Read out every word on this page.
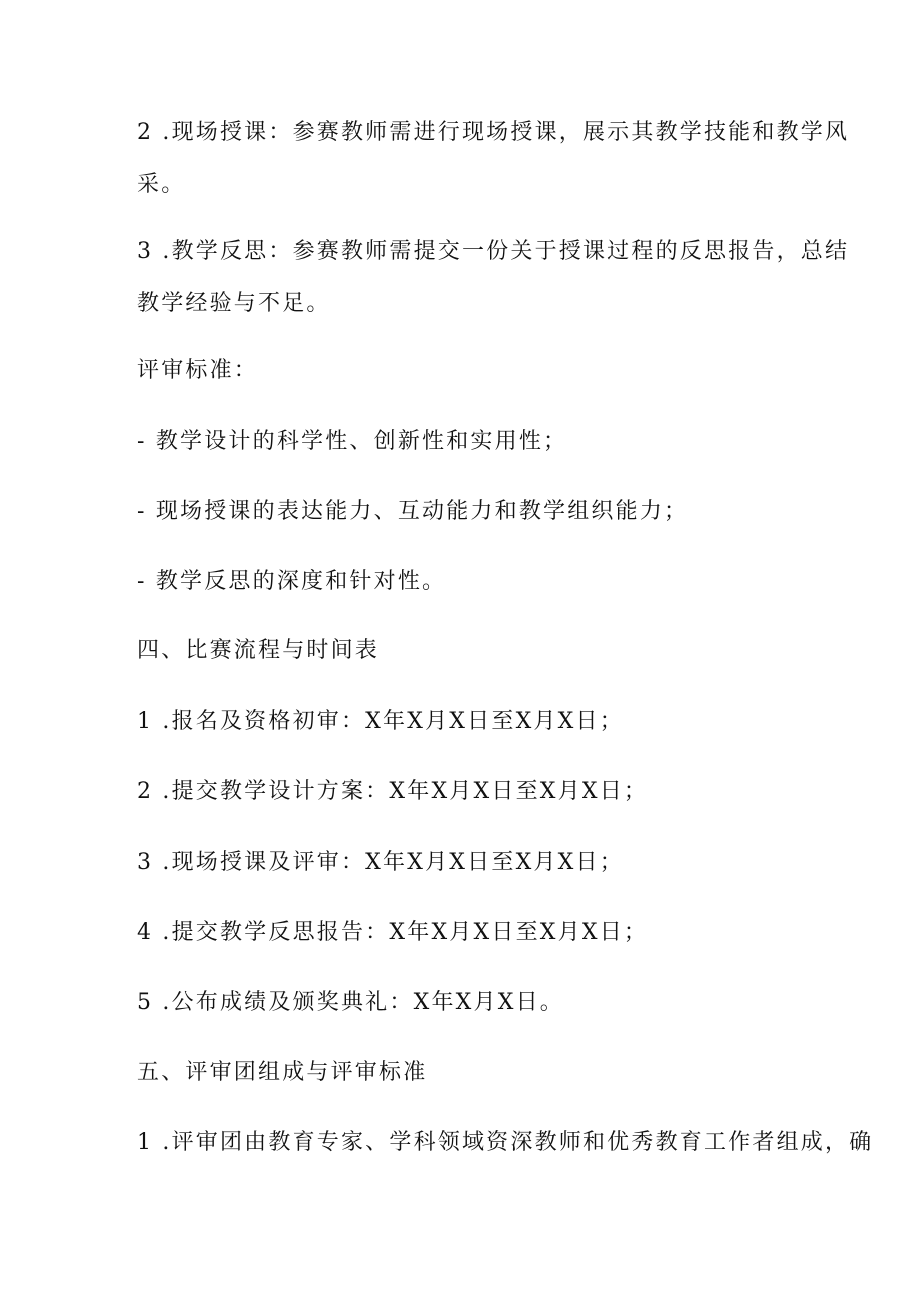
2 .现场授课：参赛教师需进行现场授课，展示其教学技能和教学风
采。
3 .教学反思：参赛教师需提交一份关于授课过程的反思报告，总结
教学经验与不足。
评审标准：
- 教学设计的科学性、创新性和实用性；
- 现场授课的表达能力、互动能力和教学组织能力；
- 教学反思的深度和针对性。
四、比赛流程与时间表
1 .报名及资格初审：X年X月X日至X月X日；
2 .提交教学设计方案：X年X月X日至X月X日；
3 .现场授课及评审：X年X月X日至X月X日；
4 .提交教学反思报告：X年X月X日至X月X日；
5 .公布成绩及颁奖典礼：X年X月X日。
五、评审团组成与评审标准
1 .评审团由教育专家、学科领域资深教师和优秀教育工作者组成，确
